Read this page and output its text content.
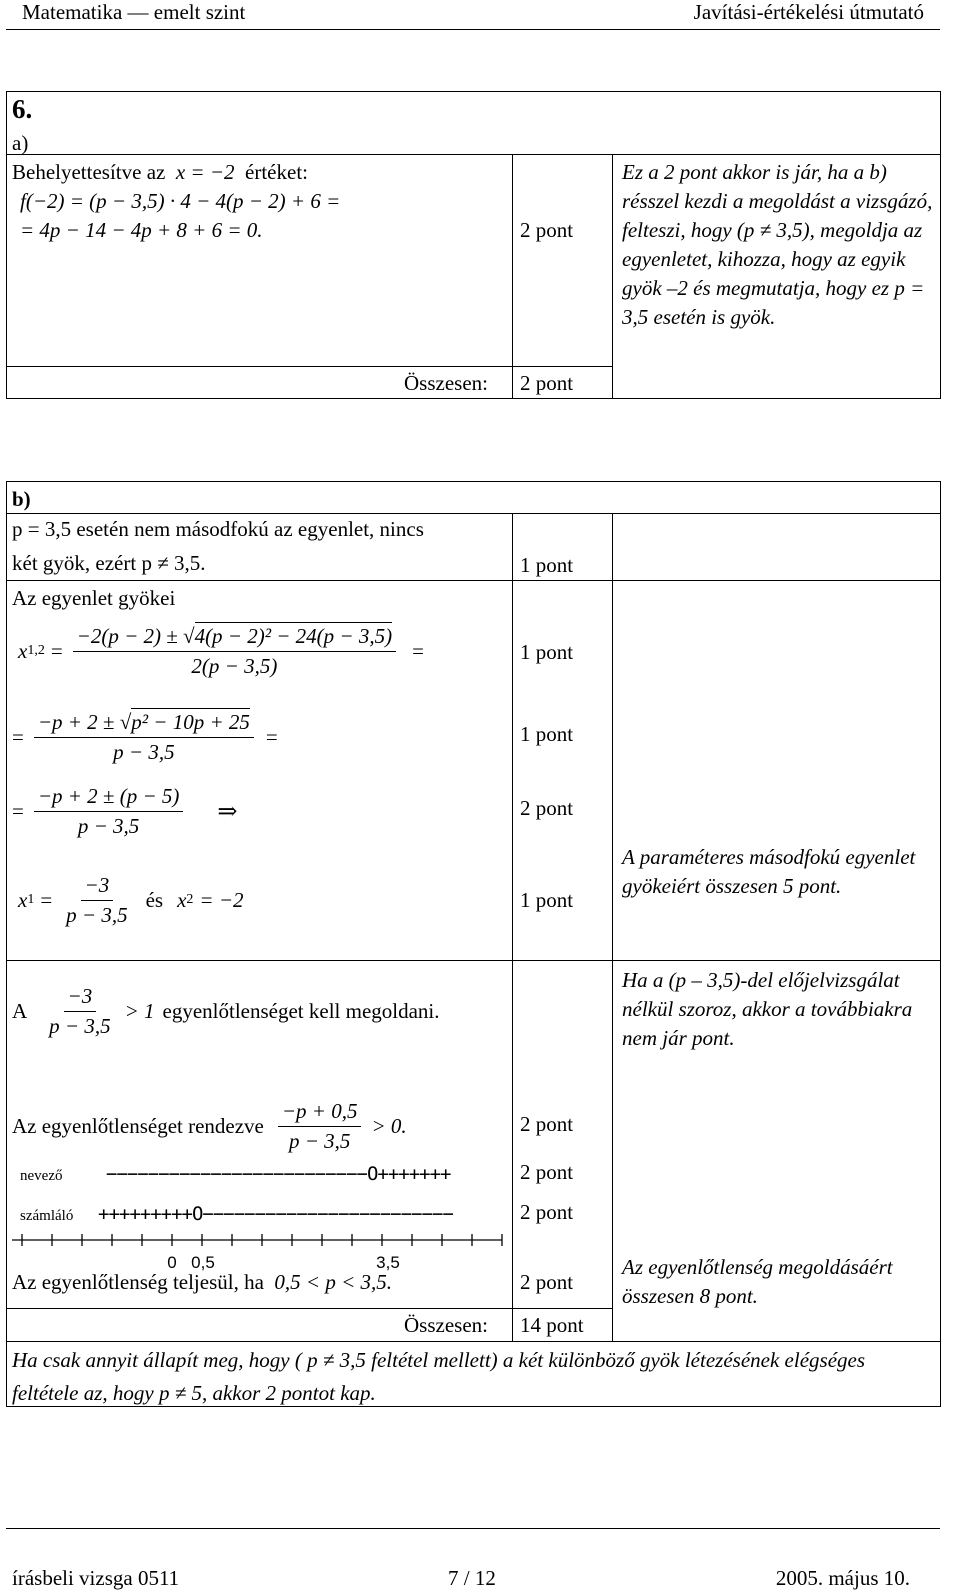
Matematika — emelt szint	Javítási-értékelési útmutató
6.
a)
Behelyettesítve az x = −2 értéket:
f(−2) = (p − 3,5) · 4 − 4(p − 2) + 6 =
= 4p − 14 − 4p + 8 + 6 = 0.	2 pont
Ez a 2 pont akkor is jár, ha a b) résszel kezdi a megoldást a vizsgázó, felteszi, hogy (p ≠ 3,5), megoldja az egyenletet, kihozza, hogy az egyik gyök –2 és megmutatja, hogy ez p = 3,5 esetén is gyök.
Összesen: 2 pont
b)
p = 3,5 esetén nem másodfokú az egyenlet, nincs
két gyök, ezért p ≠ 3,5.	1 pont
Az egyenlet gyökei
x $1,2 = \frac{\text{−2(p − 2) ± √4(p − 2)² − 24(p − 3,5)}}{2(p - 3,5)}$ =	1 pont
= $\frac{\text{−p + 2 ± √p² − 10p + 25}}{p - 3,5}$ =	1 pont
= $\frac{-p + 2 \pm (p - 5)}{p - 3,5}$ ⇒	2 pont
x $1 = \frac{-3}{p - 3,5}$ és x 2 = −2	1 pont
A paraméteres másodfokú egyenlet gyökeiért összesen 5 pont.
A $\frac{-3}{p - 3,5} > 1$ egyenlőtlenséget kell megoldani.
Ha a (p – 3,5)-del előjelvizsgálat nélkül szoroz, akkor a továbbiakra nem jár pont.
Az egyenlőtlenséget rendezve $\frac{-p + 0,5}{p - 3,5} > 0$.	2 pont
nevező −−−−−−−−−−−−−−−−−−−−−−−−−O+++++++	2 pont
számláló +++++++++O−−−−−−−−−−−−−−−−−−−−−−−−	2 pont
0 0,5	3,5
Az egyenlőtlenség teljesül, ha 0,5 < p < 3,5.	2 pont
Az egyenlőtlenség megoldásáért összesen 8 pont.
Összesen: 14 pont
Ha csak annyit állapít meg, hogy ( p ≠ 3,5 feltétel mellett) a két különböző gyök létezésének elégséges feltétele az, hogy p ≠ 5, akkor 2 pontot kap.
írásbeli vizsga 0511	7 / 12	2005. május 10.
